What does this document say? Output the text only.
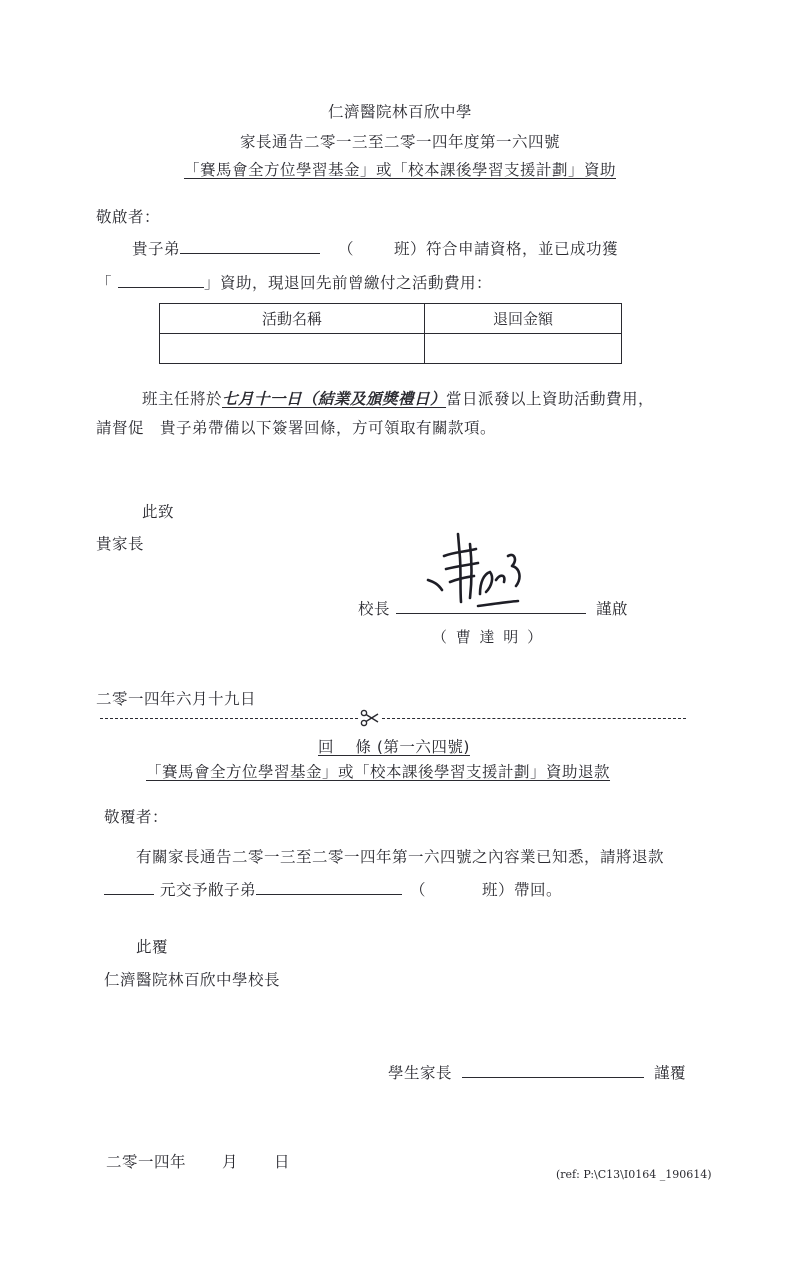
仁濟醫院林百欣中學
家長通告二零一三至二零一四年度第一六四號
「賽馬會全方位學習基金」或「校本課後學習支援計劃」資助
敬啟者：
貴子弟	（	班）符合申請資格，並已成功獲
「	」資助，現退回先前曾繳付之活動費用：
活動名稱	退回金額

班主任將於七月十一日（結業及頒獎禮日）當日派發以上資助活動費用，
請督促　貴子弟帶備以下簽署回條，方可領取有關款項。
此致
貴家長
校長	謹啟
（ 曹 達 明 ）
二零一四年六月十九日
回　 條 (第一六四號)
「賽馬會全方位學習基金」或「校本課後學習支援計劃」資助退款
敬覆者：
有關家長通告二零一三至二零一四年第一六四號之內容業已知悉，請將退款
元交予敝子弟	（	班）帶回。
此覆
仁濟醫院林百欣中學校長
學生家長	謹覆
二零一四年 月 日
(ref: P:\C13\I0164 _190614)
